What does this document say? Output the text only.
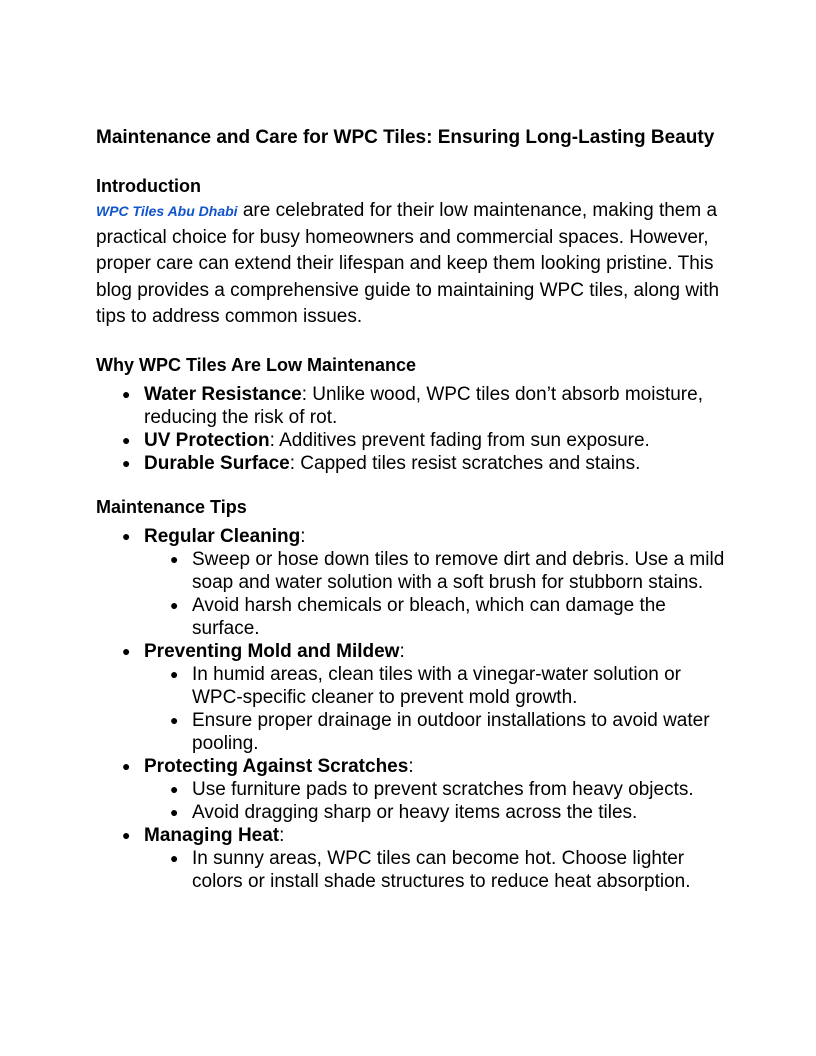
Maintenance and Care for WPC Tiles: Ensuring Long-Lasting Beauty
Introduction

WPC Tiles Abu Dhabi are celebrated for their low maintenance, making them a practical choice for busy homeowners and commercial spaces. However, proper care can extend their lifespan and keep them looking pristine. This blog provides a comprehensive guide to maintaining WPC tiles, along with tips to address common issues.

Why WPC Tiles Are Low Maintenance
● Water Resistance: Unlike wood, WPC tiles don’t absorb moisture, reducing the risk of rot.
● UV Protection: Additives prevent fading from sun exposure.
● Durable Surface: Capped tiles resist scratches and stains.
Maintenance Tips
● Regular Cleaning:
● Sweep or hose down tiles to remove dirt and debris. Use a mild soap and water solution with a soft brush for stubborn stains.
● Avoid harsh chemicals or bleach, which can damage the surface.
● Preventing Mold and Mildew:
● In humid areas, clean tiles with a vinegar-water solution or WPC-specific cleaner to prevent mold growth.
● Ensure proper drainage in outdoor installations to avoid water pooling.
● Protecting Against Scratches:
● Use furniture pads to prevent scratches from heavy objects.
● Avoid dragging sharp or heavy items across the tiles.
● Managing Heat:
● In sunny areas, WPC tiles can become hot. Choose lighter colors or install shade structures to reduce heat absorption.
